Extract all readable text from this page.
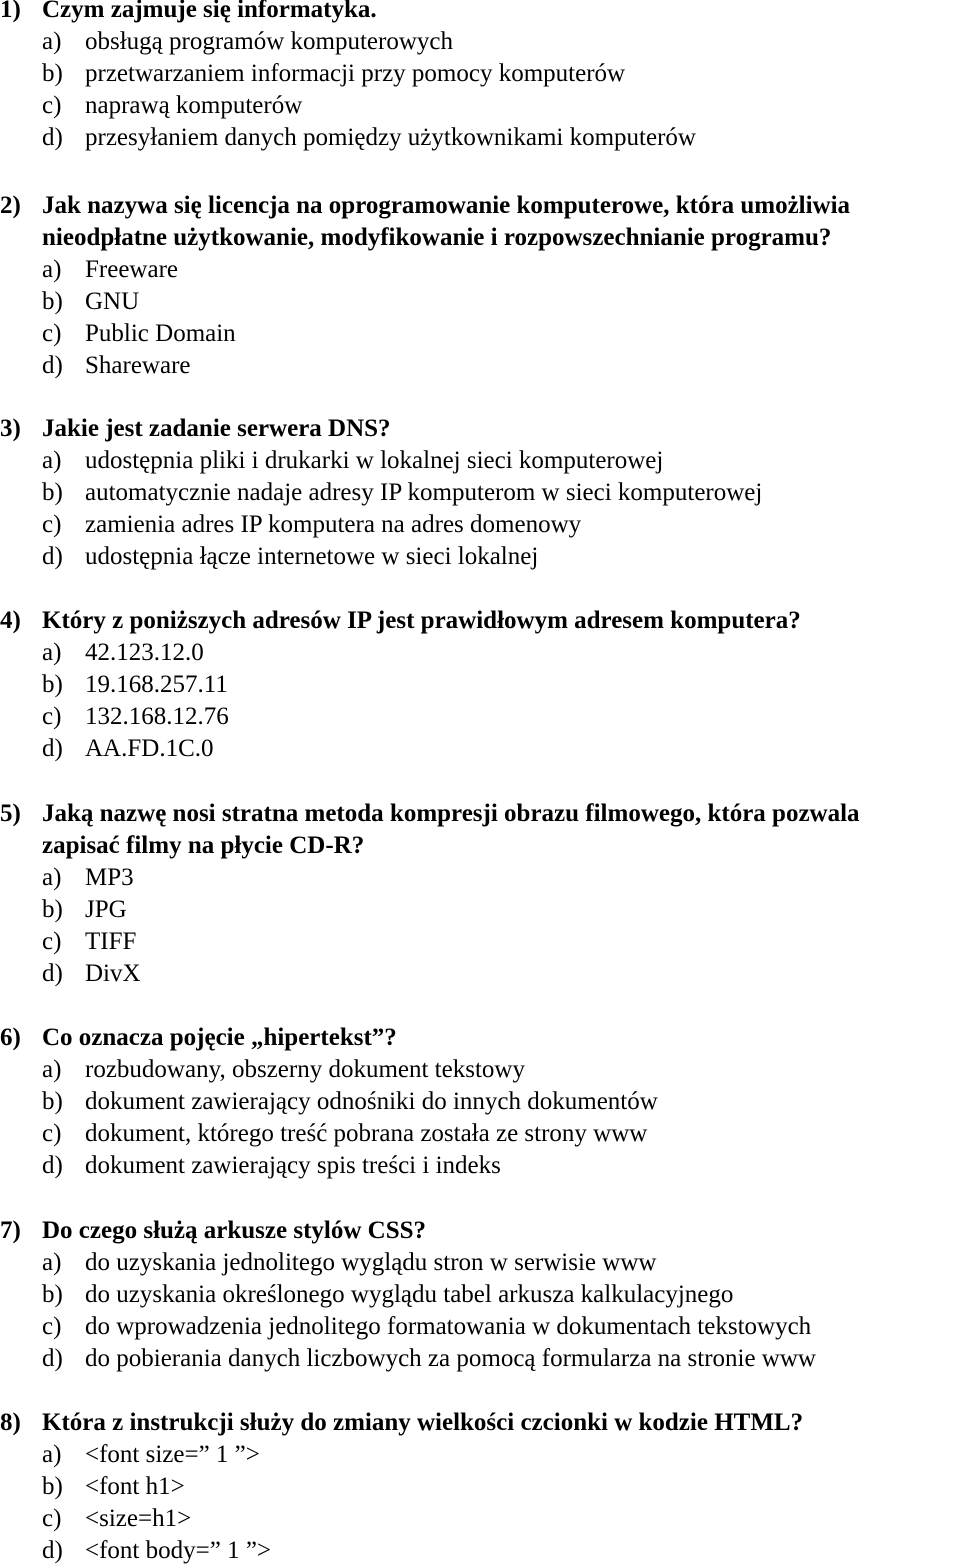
1) Czym zajmuje się informatyka.
a) obsługą programów komputerowych
b) przetwarzaniem informacji przy pomocy komputerów
c) naprawą komputerów
d) przesyłaniem danych pomiędzy użytkownikami komputerów
2) Jak nazywa się licencja na oprogramowanie komputerowe, która umożliwia
nieodpłatne użytkowanie, modyfikowanie i rozpowszechnianie programu?
a) Freeware
b) GNU
c) Public Domain
d) Shareware
3) Jakie jest zadanie serwera DNS?
a) udostępnia pliki i drukarki w lokalnej sieci komputerowej
b) automatycznie nadaje adresy IP komputerom w sieci komputerowej
c) zamienia adres IP komputera na adres domenowy
d) udostępnia łącze internetowe w sieci lokalnej
4) Który z poniższych adresów IP jest prawidłowym adresem komputera?
a) 42.123.12.0
b) 19.168.257.11
c) 132.168.12.76
d) AA.FD.1C.0
5) Jaką nazwę nosi stratna metoda kompresji obrazu filmowego, która pozwala
zapisać filmy na płycie CD-R?
a) MP3
b) JPG
c) TIFF
d) DivX
6) Co oznacza pojęcie „hipertekst”?
a) rozbudowany, obszerny dokument tekstowy
b) dokument zawierający odnośniki do innych dokumentów
c) dokument, którego treść pobrana została ze strony www
d) dokument zawierający spis treści i indeks
7) Do czego służą arkusze stylów CSS?
a) do uzyskania jednolitego wyglądu stron w serwisie www
b) do uzyskania określonego wyglądu tabel arkusza kalkulacyjnego
c) do wprowadzenia jednolitego formatowania w dokumentach tekstowych
d) do pobierania danych liczbowych za pomocą formularza na stronie www
8) Która z instrukcji służy do zmiany wielkości czcionki w kodzie HTML?
a) <font size=” 1 ”>
b) <font h1>
c) <size=h1>
d) <font body=” 1 ”>
